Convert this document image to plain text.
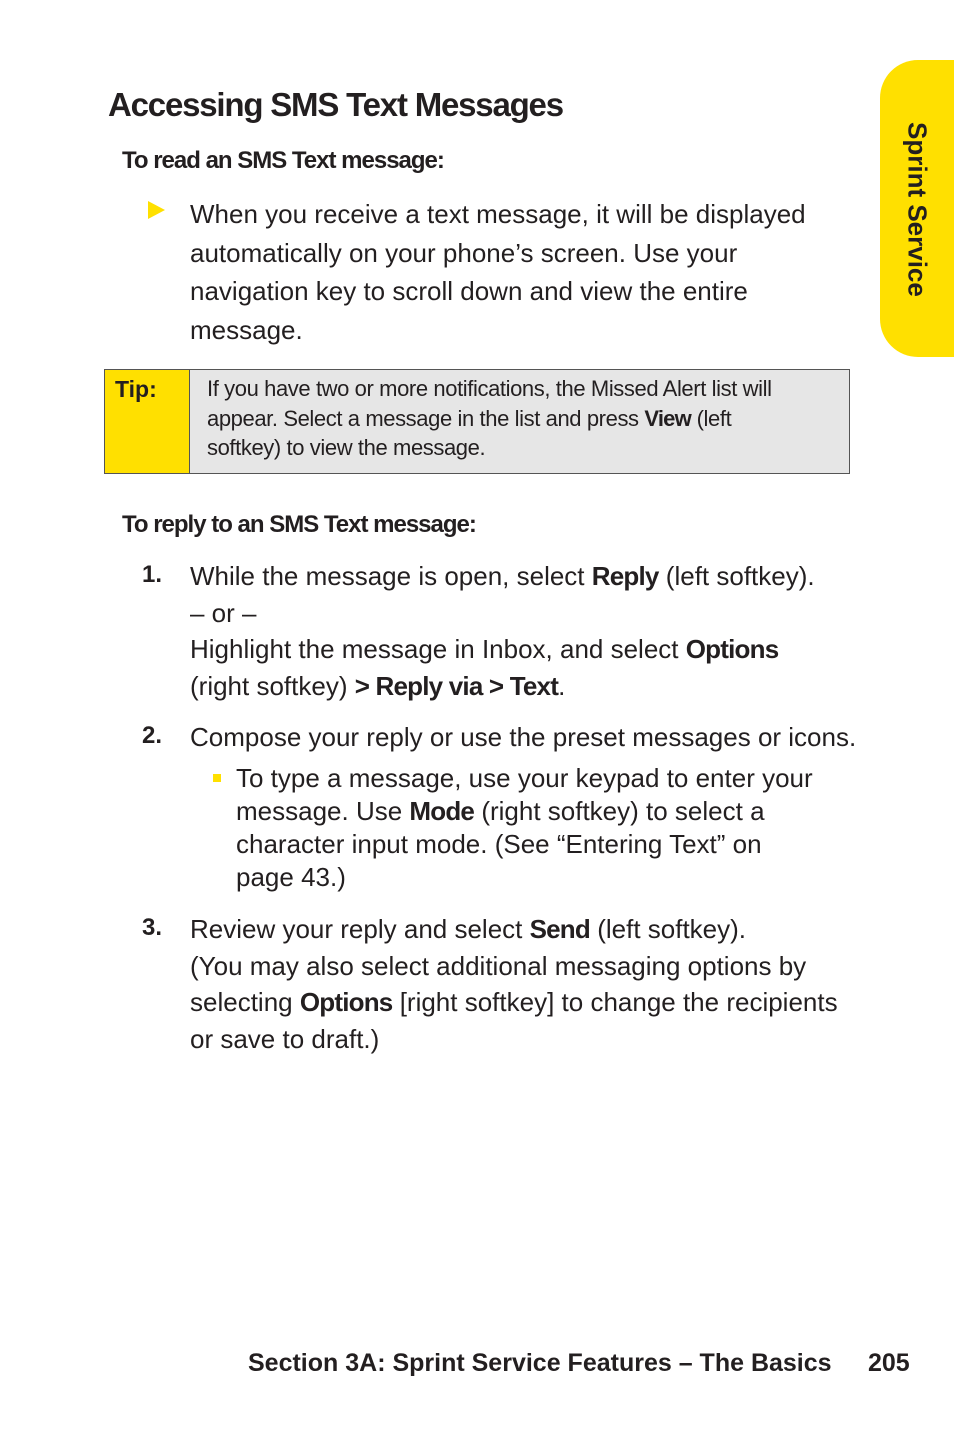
Sprint Service
Accessing SMS Text Messages
To read an SMS Text message:
When you receive a text message, it will be displayed
automatically on your phone’s screen. Use your
navigation key to scroll down and view the entire
message.
Tip:	If you have two or more notifications, the Missed Alert list will
appear. Select a message in the list and press View (left
softkey) to view the message.
To reply to an SMS Text message:
1. While the message is open, select Reply (left softkey).
– or –
Highlight the message in Inbox, and select Options
(right softkey) > Reply via > Text.
2. Compose your reply or use the preset messages or icons.
To type a message, use your keypad to enter your
message. Use Mode (right softkey) to select a
character input mode. (See “Entering Text” on
page 43.)
3. Review your reply and select Send (left softkey).
(You may also select additional messaging options by
selecting Options [right softkey] to change the recipients
or save to draft.)
Section 3A: Sprint Service Features – The Basics 205
